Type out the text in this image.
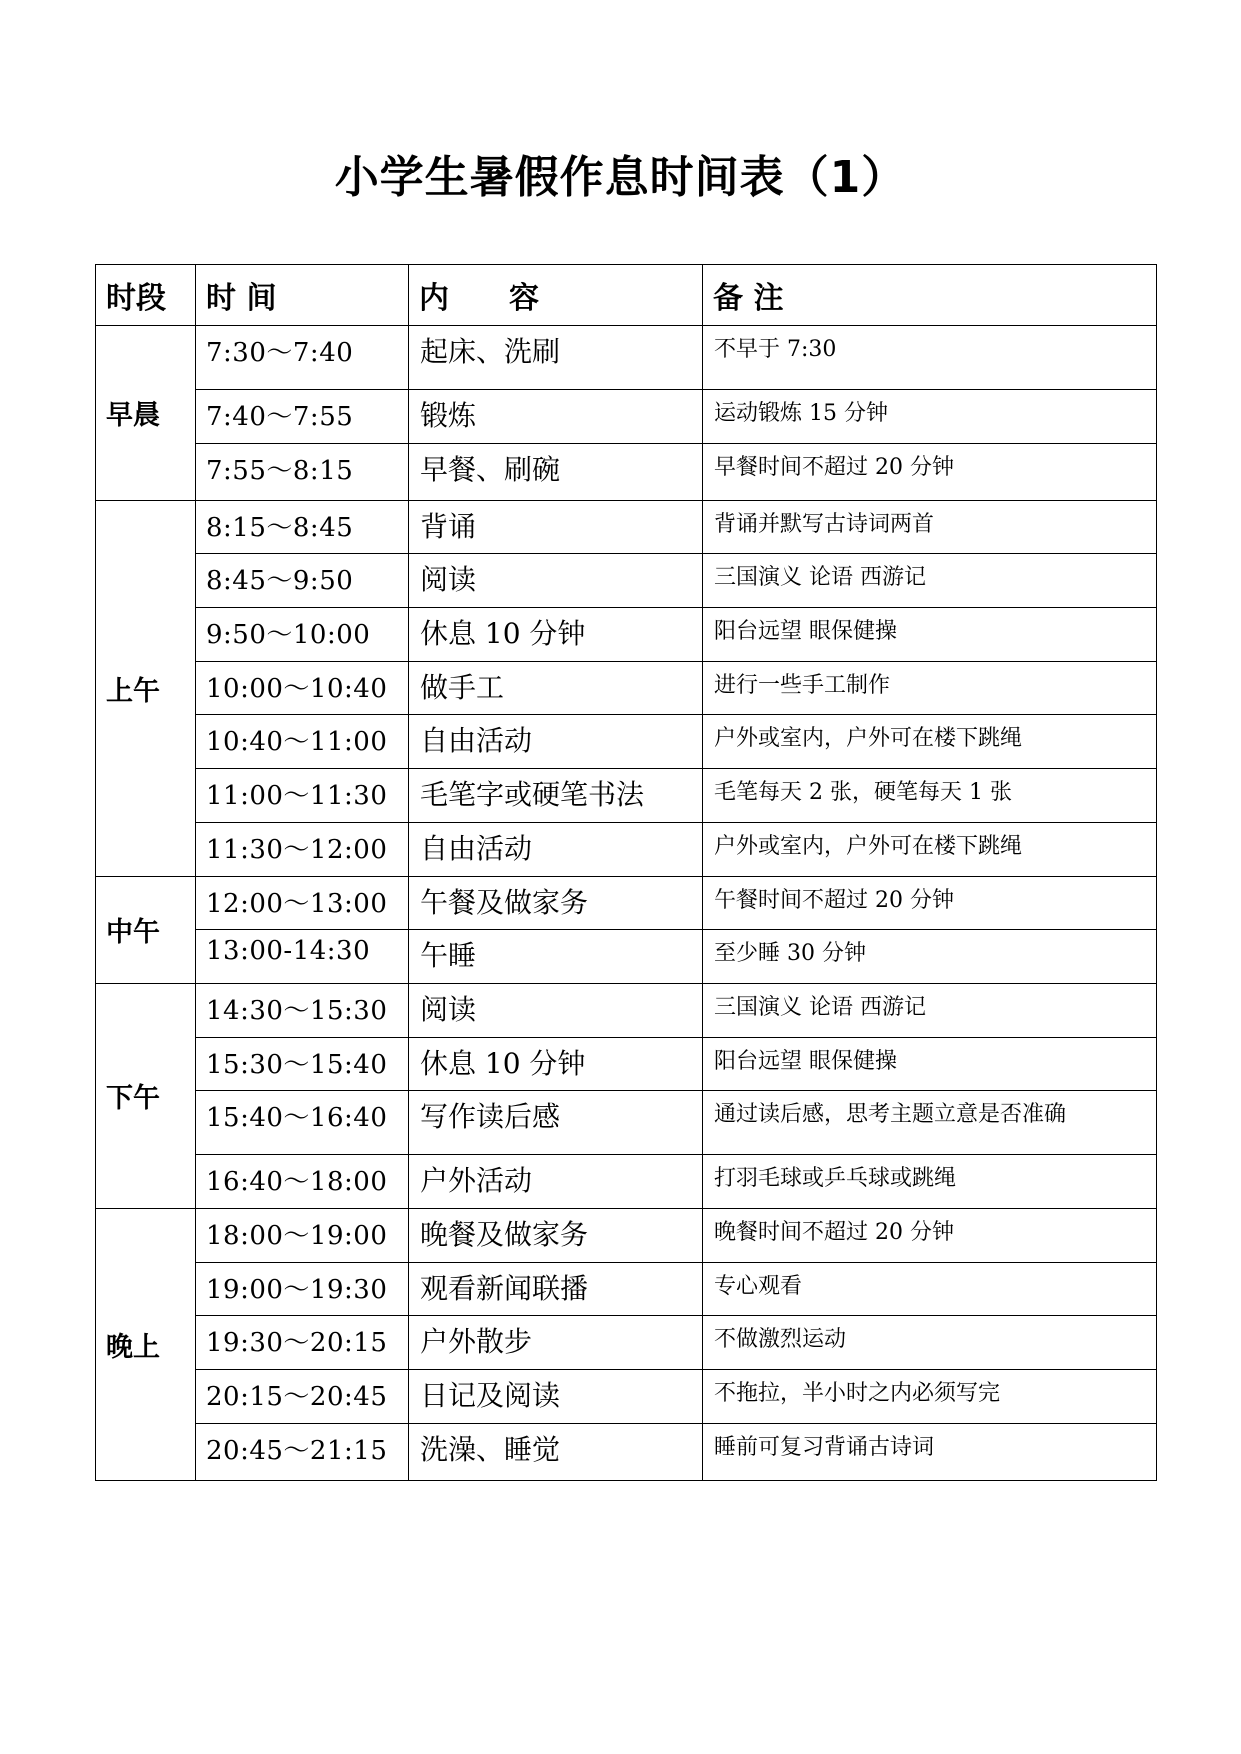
小学生暑假作息时间表（1）
时段	时 间	内　　容	备 注
早晨	7:30～7:40	起床、洗刷	不早于 7:30
	7:40～7:55	锻炼	运动锻炼 15 分钟
	7:55～8:15	早餐、刷碗	早餐时间不超过 20 分钟
上午	8:15～8:45	背诵	背诵并默写古诗词两首
	8:45～9:50	阅读	三国演义 论语 西游记
	9:50～10:00	休息 10 分钟	阳台远望 眼保健操
	10:00～10:40	做手工	进行一些手工制作
	10:40～11:00	自由活动	户外或室内，户外可在楼下跳绳
	11:00～11:30	毛笔字或硬笔书法	毛笔每天 2 张，硬笔每天 1 张
	11:30～12:00	自由活动	户外或室内，户外可在楼下跳绳
中午	12:00～13:00	午餐及做家务	午餐时间不超过 20 分钟
	13:00-14:30	午睡	至少睡 30 分钟
下午	14:30～15:30	阅读	三国演义 论语 西游记
	15:30～15:40	休息 10 分钟	阳台远望 眼保健操
	15:40～16:40	写作读后感	通过读后感，思考主题立意是否准确
	16:40～18:00	户外活动	打羽毛球或乒乓球或跳绳
晚上	18:00～19:00	晚餐及做家务	晚餐时间不超过 20 分钟
	19:00～19:30	观看新闻联播	专心观看
	19:30～20:15	户外散步	不做激烈运动
	20:15～20:45	日记及阅读	不拖拉，半小时之内必须写完
	20:45～21:15	洗澡、睡觉	睡前可复习背诵古诗词
